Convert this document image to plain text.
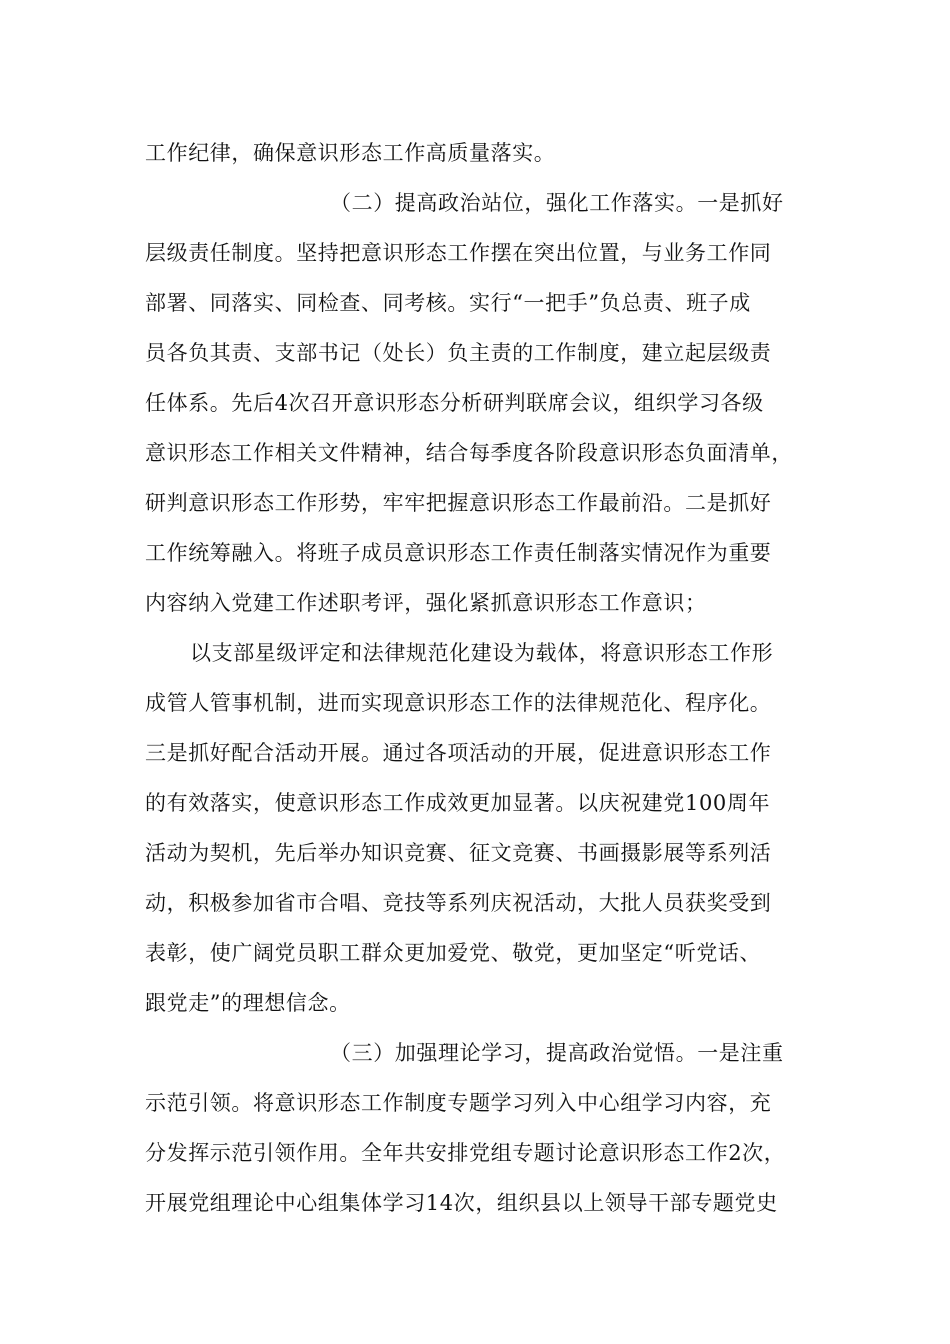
工作纪律，确保意识形态工作高质量落实。
（二）提高政治站位，强化工作落实。一是抓好
层级责任制度。坚持把意识形态工作摆在突出位置，与业务工作同
部署、同落实、同检查、同考核。实行“一把手”负总责、班子成
员各负其责、支部书记（处长）负主责的工作制度，建立起层级责
任体系。先后4次召开意识形态分析研判联席会议，组织学习各级
意识形态工作相关文件精神，结合每季度各阶段意识形态负面清单，
研判意识形态工作形势，牢牢把握意识形态工作最前沿。二是抓好
工作统筹融入。将班子成员意识形态工作责任制落实情况作为重要
内容纳入党建工作述职考评，强化紧抓意识形态工作意识；
以支部星级评定和法律规范化建设为载体，将意识形态工作形
成管人管事机制，进而实现意识形态工作的法律规范化、程序化。
三是抓好配合活动开展。通过各项活动的开展，促进意识形态工作
的有效落实，使意识形态工作成效更加显著。以庆祝建党100周年
活动为契机，先后举办知识竞赛、征文竞赛、书画摄影展等系列活
动，积极参加省市合唱、竞技等系列庆祝活动，大批人员获奖受到
表彰，使广阔党员职工群众更加爱党、敬党，更加坚定“听党话、
跟党走”的理想信念。
（三）加强理论学习，提高政治觉悟。一是注重
示范引领。将意识形态工作制度专题学习列入中心组学习内容，充
分发挥示范引领作用。全年共安排党组专题讨论意识形态工作2次，
开展党组理论中心组集体学习14次，组织县以上领导干部专题党史
